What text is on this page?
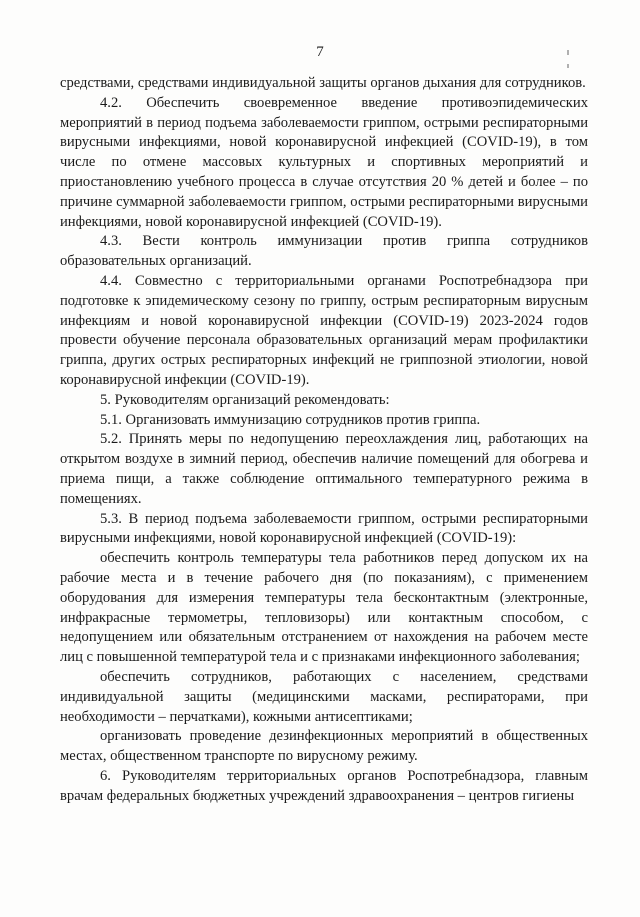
7

средствами, средствами индивидуальной защиты органов дыхания для сотрудников.

4.2. Обеспечить своевременное введение противоэпидемических мероприятий в период подъема заболеваемости гриппом, острыми респираторными вирусными инфекциями, новой коронавирусной инфекцией (COVID-19), в том числе по отмене массовых культурных и спортивных мероприятий и приостановлению учебного процесса в случае отсутствия 20 % детей и более – по причине суммарной заболеваемости гриппом, острыми респираторными вирусными инфекциями, новой коронавирусной инфекцией (COVID-19).

4.3. Вести контроль иммунизации против гриппа сотрудников образовательных организаций.

4.4. Совместно с территориальными органами Роспотребнадзора при подготовке к эпидемическому сезону по гриппу, острым респираторным вирусным инфекциям и новой коронавирусной инфекции (COVID-19) 2023-2024 годов провести обучение персонала образовательных организаций мерам профилактики гриппа, других острых респираторных инфекций не гриппозной этиологии, новой коронавирусной инфекции (COVID-19).

5. Руководителям организаций рекомендовать:

5.1. Организовать иммунизацию сотрудников против гриппа.

5.2. Принять меры по недопущению переохлаждения лиц, работающих на открытом воздухе в зимний период, обеспечив наличие помещений для обогрева и приема пищи, а также соблюдение оптимального температурного режима в помещениях.

5.3. В период подъема заболеваемости гриппом, острыми респираторными вирусными инфекциями, новой коронавирусной инфекцией (COVID-19):

обеспечить контроль температуры тела работников перед допуском их на рабочие места и в течение рабочего дня (по показаниям), с применением оборудования для измерения температуры тела бесконтактным (электронные, инфракрасные термометры, тепловизоры) или контактным способом, с недопущением или обязательным отстранением от нахождения на рабочем месте лиц с повышенной температурой тела и с признаками инфекционного заболевания;

обеспечить сотрудников, работающих с населением, средствами индивидуальной защиты (медицинскими масками, респираторами, при необходимости – перчатками), кожными антисептиками;

организовать проведение дезинфекционных мероприятий в общественных местах, общественном транспорте по вирусному режиму.

6. Руководителям территориальных органов Роспотребнадзора, главным врачам федеральных бюджетных учреждений здравоохранения – центров гигиены
